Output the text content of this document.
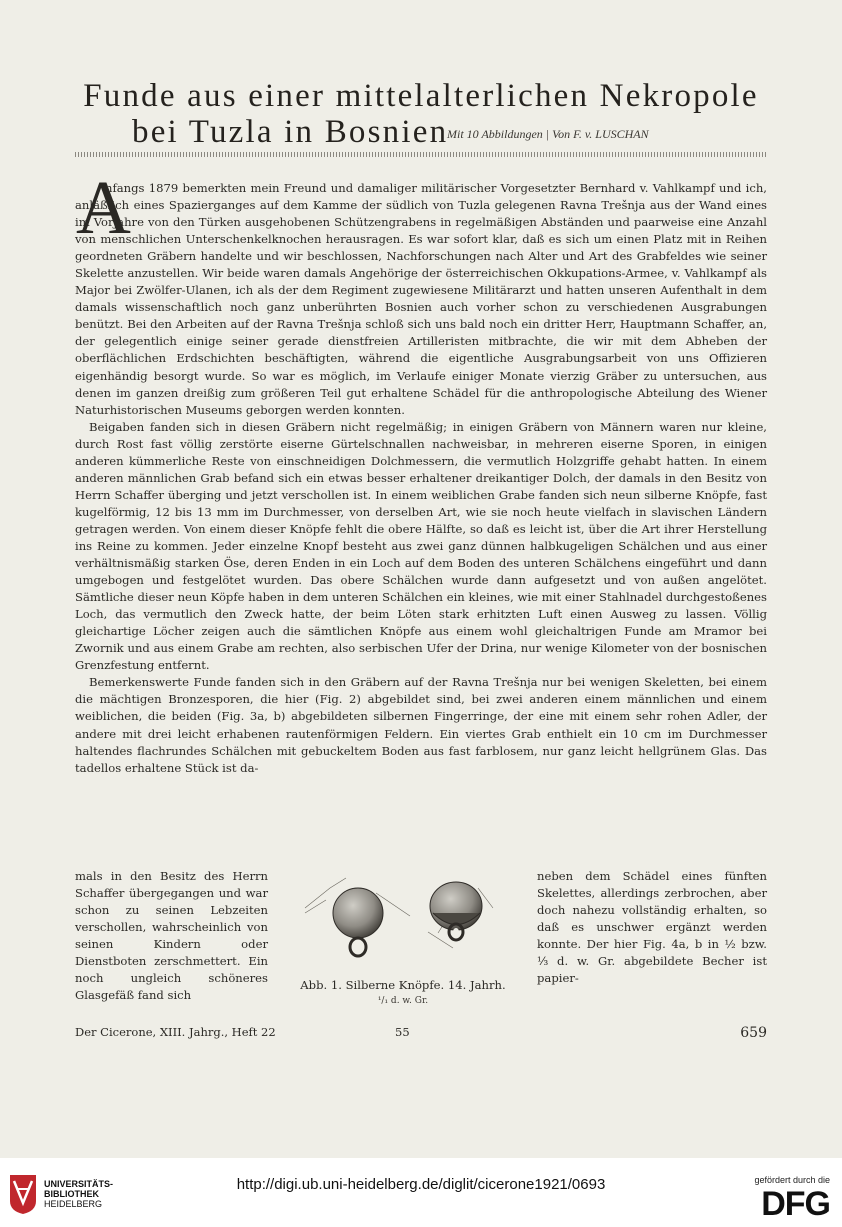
Funde aus einer mittelalterlichen Nekropole
bei Tuzla in Bosnien
Mit 10 Abbildungen | Von F. v. LUSCHAN
A

nfangs 1879 bemerkten mein Freund und damaliger militärischer Vorgesetzter Bernhard v. Vahlkampf und ich, anläßlich eines Spazierganges auf dem Kamme der südlich von Tuzla gelegenen Ravna Trešnja aus der Wand eines im Vorjahre von den Türken ausgehobenen Schützengrabens in regelmäßigen Abständen und paarweise eine Anzahl von menschlichen Unterschenkelknochen herausragen. Es war sofort klar, daß es sich um einen Platz mit in Reihen geordneten Gräbern handelte und wir beschlossen, Nachforschungen nach Alter und Art des Grabfeldes wie seiner Skelette anzustellen. Wir beide waren damals Angehörige der österreichischen Okkupations-Armee, v. Vahlkampf als Major bei Zwölfer-Ulanen, ich als der dem Regiment zugewiesene Militärarzt und hatten unseren Aufenthalt in dem damals wissenschaftlich noch ganz unberührten Bosnien auch vorher schon zu verschiedenen Ausgrabungen benützt. Bei den Arbeiten auf der Ravna Trešnja schloß sich uns bald noch ein dritter Herr, Hauptmann Schaffer, an, der gelegentlich einige seiner gerade dienstfreien Artilleristen mitbrachte, die wir mit dem Abheben der oberflächlichen Erdschichten beschäftigten, während die eigentliche Ausgrabungsarbeit von uns Offizieren eigenhändig besorgt wurde. So war es möglich, im Verlaufe einiger Monate vierzig Gräber zu untersuchen, aus denen im ganzen dreißig zum größeren Teil gut erhaltene Schädel für die anthropologische Abteilung des Wiener Naturhistorischen Museums geborgen werden konnten.

Beigaben fanden sich in diesen Gräbern nicht regelmäßig; in einigen Gräbern von Männern waren nur kleine, durch Rost fast völlig zerstörte eiserne Gürtelschnallen nachweisbar, in mehreren eiserne Sporen, in einigen anderen kümmerliche Reste von einschneidigen Dolchmessern, die vermutlich Holzgriffe gehabt hatten. In einem anderen männlichen Grab befand sich ein etwas besser erhaltener dreikantiger Dolch, der damals in den Besitz von Herrn Schaffer überging und jetzt verschollen ist. In einem weiblichen Grabe fanden sich neun silberne Knöpfe, fast kugelförmig, 12 bis 13 mm im Durchmesser, von derselben Art, wie sie noch heute vielfach in slavischen Ländern getragen werden. Von einem dieser Knöpfe fehlt die obere Hälfte, so daß es leicht ist, über die Art ihrer Herstellung ins Reine zu kommen. Jeder einzelne Knopf besteht aus zwei ganz dünnen halbkugeligen Schälchen und aus einer verhältnismäßig starken Öse, deren Enden in ein Loch auf dem Boden des unteren Schälchens eingeführt und dann umgebogen und festgelötet wurden. Das obere Schälchen wurde dann aufgesetzt und von außen angelötet. Sämtliche dieser neun Köpfe haben in dem unteren Schälchen ein kleines, wie mit einer Stahlnadel durchgestoßenes Loch, das vermutlich den Zweck hatte, der beim Löten stark erhitzten Luft einen Ausweg zu lassen. Völlig gleichartige Löcher zeigen auch die sämtlichen Knöpfe aus einem wohl gleichaltrigen Funde am Mramor bei Zwornik und aus einem Grabe am rechten, also serbischen Ufer der Drina, nur wenige Kilometer von der bosnischen Grenzfestung entfernt.

Bemerkenswerte Funde fanden sich in den Gräbern auf der Ravna Trešnja nur bei wenigen Skeletten, bei einem die mächtigen Bronzesporen, die hier (Fig. 2) abgebildet sind, bei zwei anderen einem männlichen und einem weiblichen, die beiden (Fig. 3a, b) abgebildeten silbernen Fingerringe, der eine mit einem sehr rohen Adler, der andere mit drei leicht erhabenen rautenförmigen Feldern. Ein viertes Grab enthielt ein 10 cm im Durchmesser haltendes flachrundes Schälchen mit gebuckeltem Boden aus fast farblosem, nur ganz leicht hellgrünem Glas. Das tadellos erhaltene Stück ist da-

mals in den Besitz des Herrn Schaffer übergegangen und war schon zu seinen Lebzeiten verschollen, wahrscheinlich von seinen Kindern oder Dienstboten zerschmettert. Ein noch ungleich schöneres Glasgefäß fand sich
Abb. 1. Silberne Knöpfe. 14. Jahrh.
¹/₁ d. w. Gr.
neben dem Schädel eines fünften Skelettes, allerdings zerbrochen, aber doch nahezu vollständig erhalten, so daß es unschwer ergänzt werden konnte. Der hier Fig. 4a, b in ½ bzw. ⅓ d. w. Gr. abgebildete Becher ist papier-
Der Cicerone, XIII. Jahrg., Heft 22	55	659
UNIVERSITÄTS-
BIBLIOTHEK
HEIDELBERG
http://digi.ub.uni-heidelberg.de/diglit/cicerone1921/0693	gefördert durch die
DFG
